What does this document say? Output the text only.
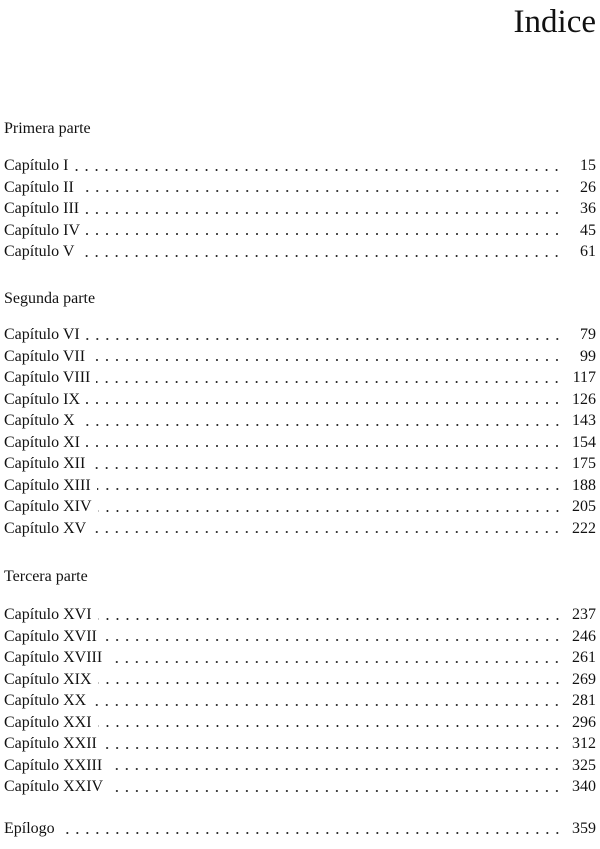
Indice
Primera parte
Capítulo I	15
Capítulo II	26
Capítulo III	36
Capítulo IV	45
Capítulo V	61
Segunda parte
Capítulo VI	79
Capítulo VII	99
Capítulo VIII	117
Capítulo IX	126
Capítulo X	143
Capítulo XI	154
Capítulo XII	175
Capítulo XIII	188
Capítulo XIV	205
Capítulo XV	222
Tercera parte
Capítulo XVI	237
Capítulo XVII	246
Capítulo XVIII	261
Capítulo XIX	269
Capítulo XX	281
Capítulo XXI	296
Capítulo XXII	312
Capítulo XXIII	325
Capítulo XXIV	340
Epílogo	359
